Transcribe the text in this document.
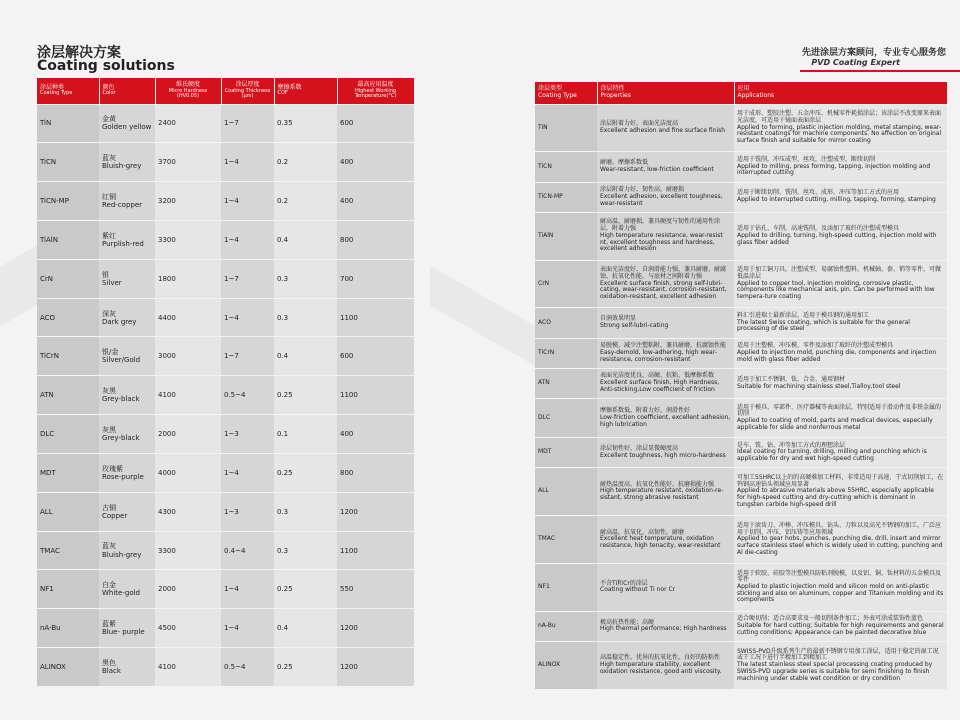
涂层解决方案
Coating solutions
先进涂层方案顾问，专业专心服务您
PVD Coating Expert
涂层种类
Coating Type	颜色
Color	维氏硬度
Micro Hardness (HV0.05)	涂层厚度
Coating Thickness (μm)	摩擦系数
COF	最高应用温度
Highest Working Temperature(°C)

TiN	金黄
Golden yellow	2400	1~7	0.35	600
TiCN	蓝灰
Bluish-grey	3700	1~4	0.2	400
TiCN-MP	红铜
Red-copper	3200	1~4	0.2	400
TiAlN	紫红
Purplish-red	3300	1~4	0.4	800
CrN	银
Silver	1800	1~7	0.3	700
ACO	深灰
Dark grey	4400	1~4	0.3	1100
TiCrN	银/金
Silver/Gold	3000	1~7	0.4	600
ATN	灰黑
Grey-black	4100	0.5~4	0.25	1100
DLC	灰黑
Grey-black	2000	1~3	0.1	400
MDT	玫瑰紫
Rose-purple	4000	1~4	0.25	800
ALL	古铜
Copper	4300	1~3	0.3	1200
TMAC	蓝灰
Bluish-grey	3300	0.4~4	0.3	1100
NF1	白金
White-gold	2000	1~4	0.25	550
nA-Bu	蓝紫
Blue- purple	4500	1~4	0.4	1200
ALINOX	黑色
Black	4100	0.5~4	0.25	1200
涂层类型
Coating Type	涂层特性
Properties	应用
Applications

TiN	涂层附着力好，表面光洁度高
Excellent adhesion and fine surface finish	用于成形、塑胶注塑、五金冲压、机械零件耗损涂层；该涂层不改变原来表面光洁度，可适用于镜面表面涂层
Applied to forming, plastic injection molding, metal stamping, wear-resistant coatings for machine components. No affection on original surface finish and suitable for mirror coating
TiCN	耐磨，摩擦系数低
Wear-resistant, low-friction coefficient	适用于铣削，冲压成型，丝攻，注塑成型，断续切削
Applied to milling, press forming, tapping, injection molding and interrupted cutting
TiCN-MP	涂层附着力好，韧性高，耐磨损
Excellent adhesion, excellent toughness, wear-resistant	适用于断续切削、铣削、丝攻、成形、冲压等加工方式的应用
Applied to interrupted cutting, milling, tapping, forming, stamping
TiAlN	耐高温、耐磨损，兼具硬度与韧性的通用性涂层，附着力强
High temperature resistance, wear-resist nt, excellent toughness and hardness, excellent adhesion	适用于钻孔、车削，高速铣削，及添加了玻纤的注塑成型模具
Applied to drilling, turning, high-speed cutting, injection mold with glass fiber added
CrN	表面光洁度好、自润滑能力强，兼具耐磨、耐腐蚀、抗氧化性能，与底材之间附着力强
Excellent surface finish, strong self-lubri-cating, wear-resistant, corrosion-resistant, oxidation-resistant, excellent adhesion	适用于加工铜刀具，注塑成型，易腐蚀性塑料，机械轴、套、销等零件，可做低温涂层
Applied to copper tool, injection molding, corrosive plastic, components like mechanical axis, pin. Can be performed with low tempera-ture coating
ACO	自润效果明显
Strong self-lubri-cating	料汇引进瑞士最新涂层，适用于模具钢的通用加工
The latest Swiss coating, which is suitable for the general processing of die steel
TiCrN	易脱模，减少注塑粘附，兼具耐磨，抗腐蚀性能
Easy-demold, low-adhering, high wear-resistance, corrosion-resistant	适用于注塑模、冲压模、零件及添加了玻纤的注塑成型模具
Applied to injection mold, punching die, components and injection mold with glass fiber added
ATN	表面光洁度优良，高硬、抗粘、低摩擦系数
Excellent surface finish, High Hardness, Anti-sticking,Low coefficient of friction	适用于加工不锈钢、钛、合金、通用钢材
Suitable for machining stainless steel,Tialloy,tool steel
DLC	摩擦系数低，附着力好，润滑性好
Low-friction coefficient, excellent adhesion, high lubrication	适用于模具、零部件、医疗器械等表面涂层，特别适用于滑动件及非铁金属的切削
Applied to coating of mold, parts and medical devices, especially applicable for slide and nonferrous metal
MDT	涂层韧性好，涂层显微硬度高
Excellent toughness, high micro-hardness	是车、铣、钻、冲等加工方式的理想涂层
Ideal coating for turning, drilling, milling and punching which is applicable for dry and wet high-speed cutting
ALL	耐热温度高、抗氧化性能好、抗磨损能力强
High temperature resistant, oxidation-re-sistant, strong abrasive resistant	可加工55HRC以上的的高硬难加工材料，非常适用于高速、干式切削加工，在钨钢高速钻头领域应用显著
Applied to abrasive materials above 55HRC, especially applicable for high-speed cutting and dry-cutting which is dominant in tungsten carbide high-speed drill
TMAC	耐高温，抗氧化，高韧性，耐磨
Excellent heat temperature, oxidation resistance, high tenacity, wear-resistant	适用于滚齿刀、冲棒、冲压模具、钻头、刀粒以及高光不锈钢的加工，广泛应用于切削、冲压、铝压铸等应用领域
Applied to gear hobs, punches, punching die, drill, insert and mirror surface stainless steel which is widely used in cutting, punching and Al die-casting
NF1	不含Ti和Cr的涂层
Coating without Ti nor Cr	适用于软胶、硅胶等注塑模具防粘剂脱模，以及铝、铜、钛材料的五金模具及零件
Applied to plastic injection mold and silicon mold on anti-plastic sticking and also on aluminum, copper and Titanium molding and its components
nA-Bu	极高抗热性能；高硬
High thermal performance; High hardness	适合硬切削；适合高要求及一般切削条件加工；外表可涂成装饰性蓝色
Suitable for hard cutting; Suitable for high requirements and general cutting conditions; Appearance can be painted decorative blue
ALINOX	高温稳定性、优异的抗氧化性，良好的防粘性
High temperature stability, excellent oxidation resistance, good anti viscosity.	SWISS-PVD升级系列生产的最新不锈钢专用加工涂层，适用于稳定的湿工况或干工况下进行半精加工到精加工
The latest stainless steel special processing coating produced by SWISS-PVD upgrade series is suitable for semi finishing to finish machining under stable wet condition or dry condition
